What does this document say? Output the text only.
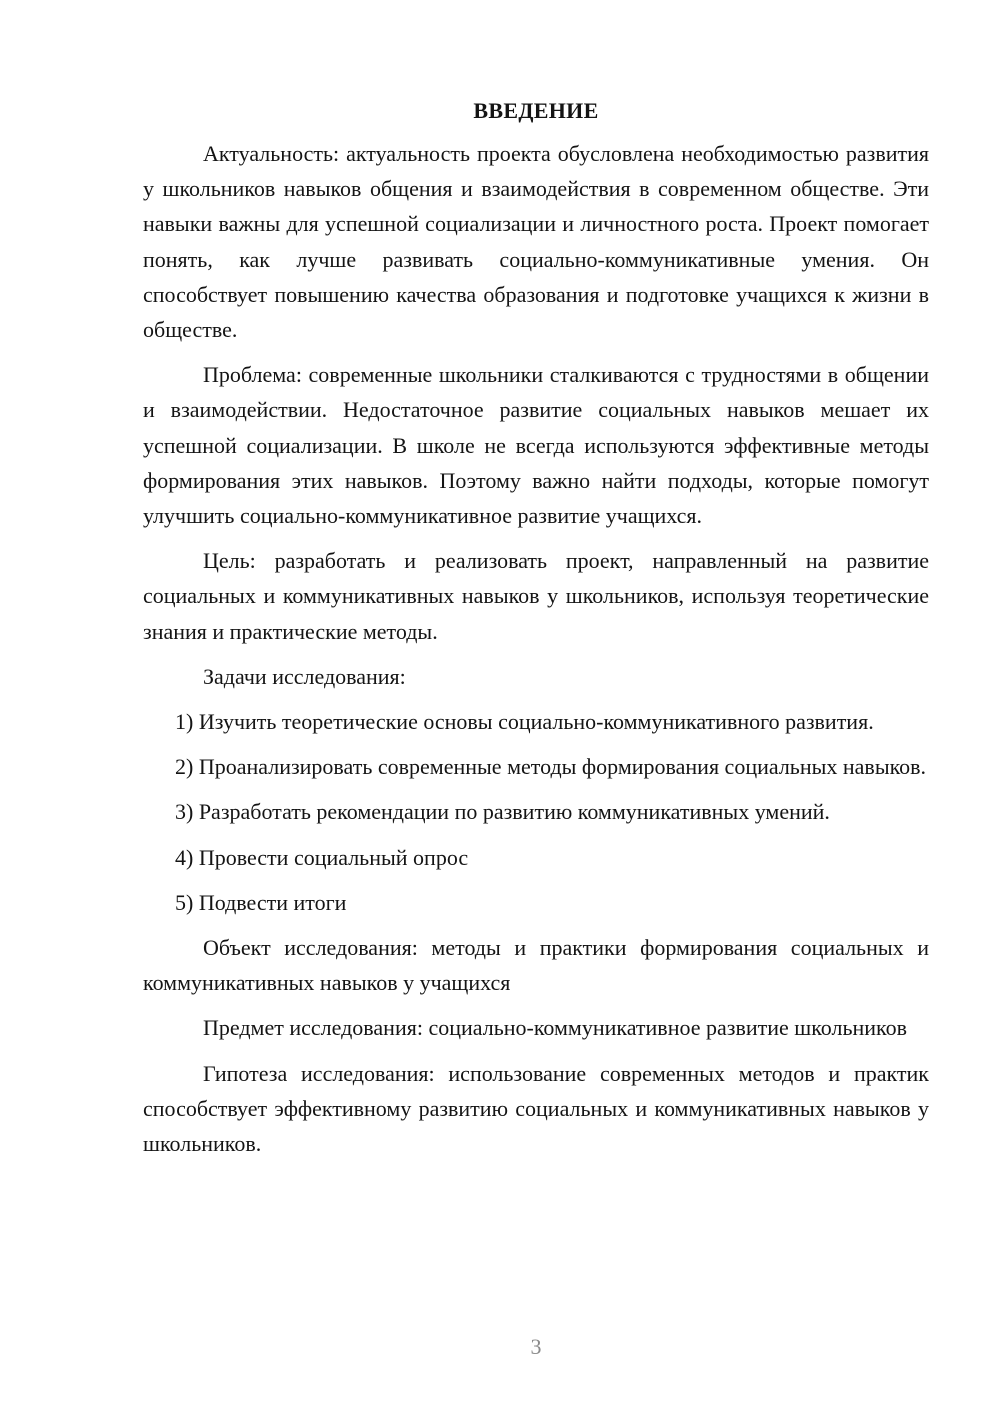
ВВЕДЕНИЕ

Актуальность: актуальность проекта обусловлена необходимостью развития у школьников навыков общения и взаимодействия в современном обществе. Эти навыки важны для успешной социализации и личностного роста. Проект помогает понять, как лучше развивать социально-коммуникативные умения. Он способствует повышению качества образования и подготовке учащихся к жизни в обществе.

Проблема: современные школьники сталкиваются с трудностями в общении и взаимодействии. Недостаточное развитие социальных навыков мешает их успешной социализации. В школе не всегда используются эффективные методы формирования этих навыков. Поэтому важно найти подходы, которые помогут улучшить социально-коммуникативное развитие учащихся.

Цель: разработать и реализовать проект, направленный на развитие социальных и коммуникативных навыков у школьников, используя теоретические знания и практические методы.

Задачи исследования:

1) Изучить теоретические основы социально-коммуникативного развития.

2) Проанализировать современные методы формирования социальных навыков.

3) Разработать рекомендации по развитию коммуникативных умений.

4) Провести социальный опрос

5) Подвести итоги

Объект исследования: методы и практики формирования социальных и коммуникативных навыков у учащихся

Предмет исследования: социально-коммуникативное развитие школьников

Гипотеза исследования: использование современных методов и практик способствует эффективному развитию социальных и коммуникативных навыков у школьников.

3
